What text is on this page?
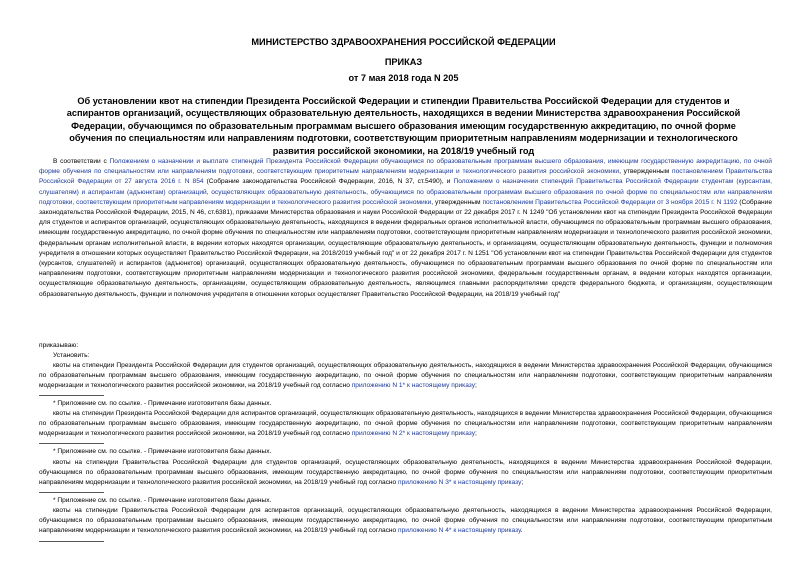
МИНИСТЕРСТВО ЗДРАВООХРАНЕНИЯ РОССИЙСКОЙ ФЕДЕРАЦИИ

ПРИКАЗ

от 7 мая 2018 года N 205

Об установлении квот на стипендии Президента Российской Федерации и стипендии Правительства Российской Федерации для студентов и аспирантов организаций, осуществляющих образовательную деятельность, находящихся в ведении Министерства здравоохранения Российской Федерации, обучающимся по образовательным программам высшего образования имеющим государственную аккредитацию, по очной форме обучения по специальностям или направлениям подготовки, соответствующим приоритетным направлениям модернизации и технологического развития российской экономики, на 2018/19 учебный год

В соответствии с Положением о назначении и выплате стипендий Президента Российской Федерации обучающимся по образовательным программам высшего образования, имеющим государственную аккредитацию, по очной форме обучения по специальностям или направлениям подготовки, соответствующим приоритетным направлениям модернизации и технологического развития российской экономики, утвержденным постановлением Правительства Российской Федерации от 27 августа 2016 г. N 854 (Собрание законодательства Российской Федерации, 2016, N 37, ст.5490), и Положением о назначении стипендий Правительства Российской Федерации студентам (курсантам, слушателям) и аспирантам (адъюнктам) организаций, осуществляющих образовательную деятельность, обучающимся по образовательным программам высшего образования по очной форме по специальностям или направлениям подготовки, соответствующим приоритетным направлениям модернизации и технологического развития российской экономики, утвержденным постановлением Правительства Российской Федерации от 3 ноября 2015 г. N 1192 (Собрание законодательства Российской Федерации, 2015, N 46, ст.6381), приказами Министерства образования и науки Российской Федерации от 22 декабря 2017 г. N 1249 "Об установлении квот на стипендии Президента Российской Федерации для студентов и аспирантов организаций, осуществляющих образовательную деятельность, находящихся в ведении федеральных органов исполнительной власти, обучающимся по образовательным программам высшего образования, имеющим государственную аккредитацию, по очной форме обучения по специальностям или направлениям подготовки, соответствующим приоритетным направлениям модернизации и технологического развития российской экономики, федеральным органам исполнительной власти, в ведении которых находятся организации, осуществляющие образовательную деятельность, и организациям, осуществляющим образовательную деятельность, функции и полномочия учредителя в отношении которых осуществляет Правительство Российской Федерации, на 2018/2019 учебный год" и от 22 декабря 2017 г. N 1251 "Об установлении квот на стипендии Правительства Российской Федерации для студентов (курсантов, слушателей) и аспирантов (адъюнктов) организаций, осуществляющих образовательную деятельность, обучающимся по образовательным программам высшего образования по очной форме по специальностям или направлениям подготовки, соответствующим приоритетным направлениям модернизации и технологического развития российской экономики, федеральным государственным органам, в ведении которых находятся организации, осуществляющие образовательную деятельность, организациям, осуществляющим образовательную деятельность, являющимся главными распорядителями средств федерального бюджета, и организациям, осуществляющим образовательную деятельность, функции и полномочия учредителя в отношении которых осуществляет Правительство Российской Федерации, на 2018/19 учебный год"

приказываю:

Установить:

квоты на стипендии Президента Российской Федерации для студентов организаций, осуществляющих образовательную деятельность, находящихся в ведении Министерства здравоохранения Российской Федерации, обучающимся по образовательным программам высшего образования, имеющим государственную аккредитацию, по очной форме обучения по специальностям или направлениям подготовки, соответствующим приоритетным направлениям модернизации и технологического развития российской экономики, на 2018/19 учебный год согласно приложению N 1* к настоящему приказу;

* Приложение см. по ссылке. - Примечание изготовителя базы данных.

квоты на стипендии Президента Российской Федерации для аспирантов организаций, осуществляющих образовательную деятельность, находящихся в ведении Министерства здравоохранения Российской Федерации, обучающимся по образовательным программам высшего образования, имеющим государственную аккредитацию, по очной форме обучения по специальностям или направлениям подготовки, соответствующим приоритетным направлениям модернизации и технологического развития российской экономики, на 2018/19 учебный год согласно приложению N 2* к настоящему приказу;

* Приложение см. по ссылке. - Примечание изготовителя базы данных.

квоты на стипендии Правительства Российской Федерации для студентов организаций, осуществляющих образовательную деятельность, находящихся в ведении Министерства здравоохранения Российской Федерации, обучающимся по образовательным программам высшего образования, имеющим государственную аккредитацию, по очной форме обучения по специальностям или направлениям подготовки, соответствующим приоритетным направлениям модернизации и технологического развития российской экономики, на 2018/19 учебный год согласно приложению N 3* к настоящему приказу;

* Приложение см. по ссылке. - Примечание изготовителя базы данных.

квоты на стипендии Правительства Российской Федерации для аспирантов организаций, осуществляющих образовательную деятельность, находящихся в ведении Министерства здравоохранения Российской Федерации, обучающимся по образовательным программам высшего образования, имеющим государственную аккредитацию, по очной форме обучения по специальностям или направлениям подготовки, соответствующим приоритетным направлениям модернизации и технологического развития российской экономики, на 2018/19 учебный год согласно приложению N 4* к настоящему приказу.
